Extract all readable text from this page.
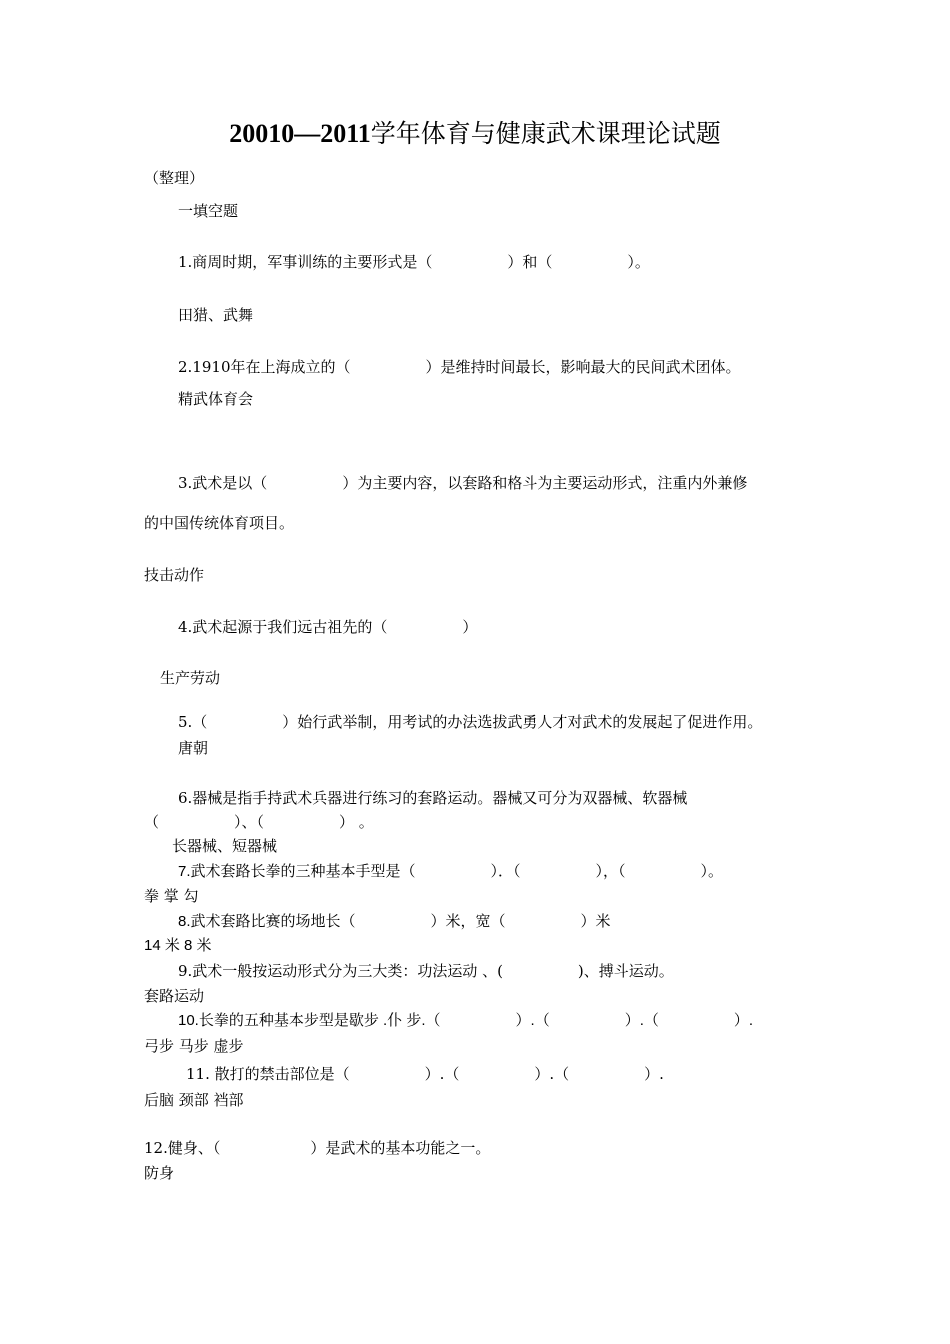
20010—2011学年体育与健康武术课理论试题
（整理）
一填空题
1.商周时期，军事训练的主要形式是（　　　　　）和（　　　　　）。
田猎、武舞
2.1910年在上海成立的（　　　　　）是维持时间最长，影响最大的民间武术团体。
精武体育会
3.武术是以（　　　　　）为主要内容，以套路和格斗为主要运动形式，注重内外兼修
的中国传统体育项目。
技击动作
4.武术起源于我们远古祖先的（　　　　　）
生产劳动
5.（　　　　　）始行武举制，用考试的办法选拔武勇人才对武术的发展起了促进作用。
唐朝
6.器械是指手持武术兵器进行练习的套路运动。器械又可分为双器械、软器械
（　　　　　）、（　　　　　） 。
长器械、短器械
7.武术套路长拳的三种基本手型是（　　　　　）．（　　　　　），（　　　　　）。
拳 掌 勾
8.武术套路比赛的场地长（　　　　　）米，宽（　　　　　）米
14 米 8 米
9.武术一般按运动形式分为三大类：功法运动 、(　　　　　)、搏斗运动。
套路运动
10.长拳的五种基本步型是歇步 .仆 步.（　　　　　）.（　　　　　）.（　　　　　）.
弓步 马步 虚步
11. 散打的禁击部位是（　　　　　）.（　　　　　）.（　　　　　）.
后脑 颈部 裆部
12.健身、（　　　　　　）是武术的基本功能之一。
防身
